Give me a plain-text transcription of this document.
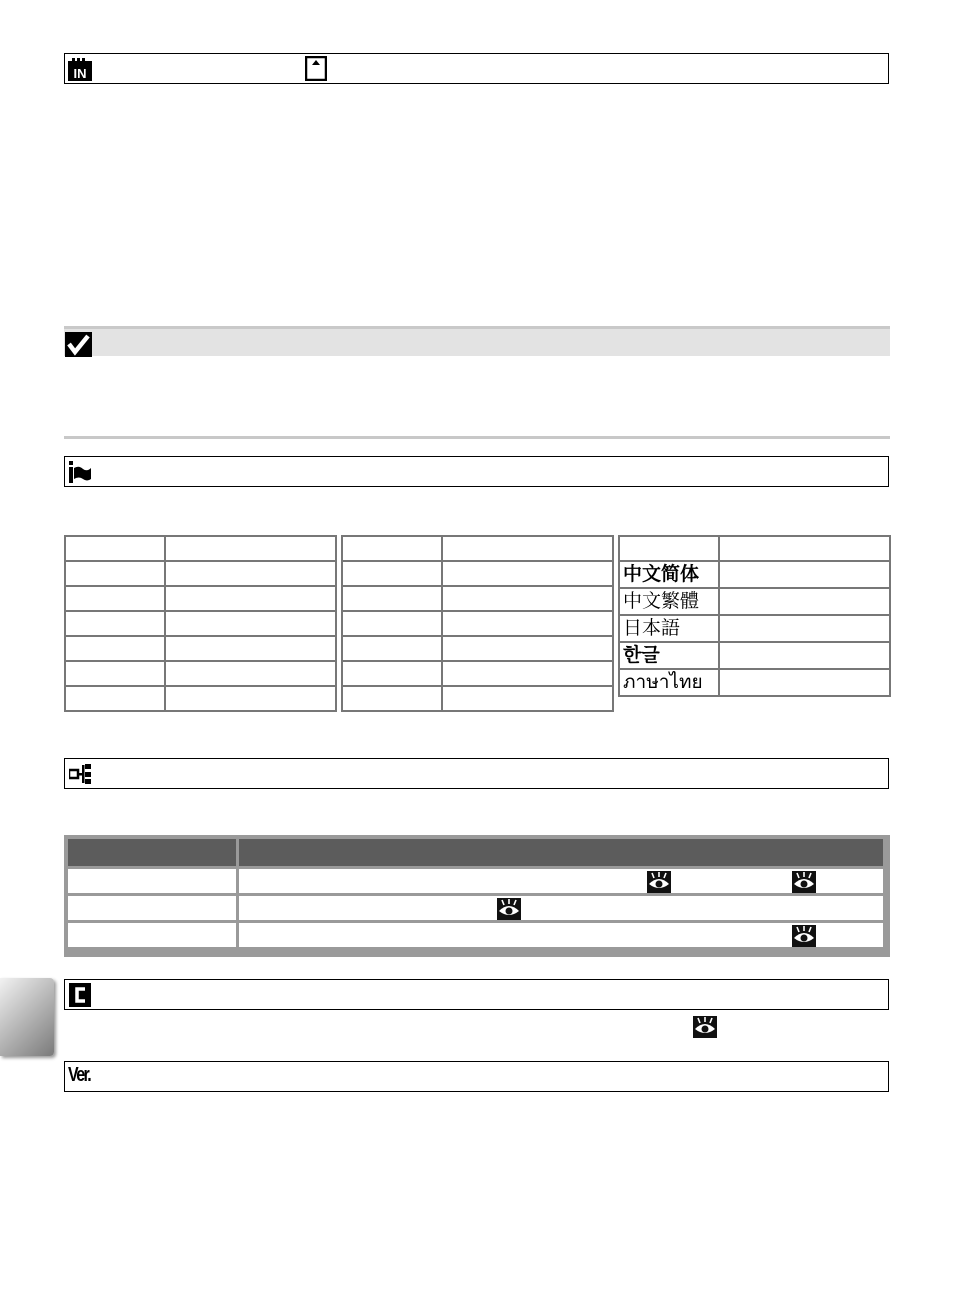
IN

中文简体	
中文繁體	
日本語	
한글	
ภาษาไทย	

Ver.
